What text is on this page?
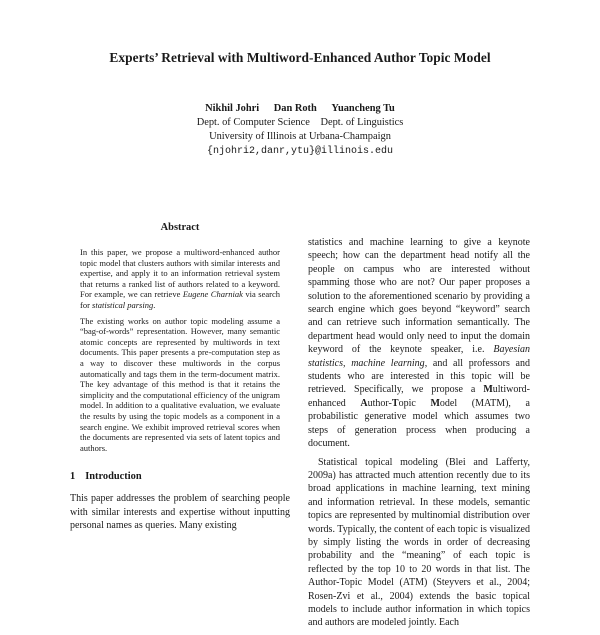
Experts’ Retrieval with Multiword-Enhanced Author Topic Model
Nikhil Johri Dan Roth Yuancheng Tu
Dept. of Computer Science Dept. of Linguistics
University of Illinois at Urbana-Champaign
{njohri2,danr,ytu}@illinois.edu
Abstract

In this paper, we propose a multiword-enhanced author topic model that clusters authors with similar interests and expertise, and apply it to an information retrieval system that returns a ranked list of authors related to a keyword. For example, we can retrieve Eugene Charniak via search for statistical parsing.

The existing works on author topic modeling assume a “bag-of-words” representation. However, many semantic atomic concepts are represented by multiwords in text documents. This paper presents a pre-computation step as a way to discover these multiwords in the corpus automatically and tags them in the term-document matrix. The key advantage of this method is that it retains the simplicity and the computational efficiency of the unigram model. In addition to a qualitative evaluation, we evaluate the results by using the topic models as a component in a search engine. We exhibit improved retrieval scores when the documents are represented via sets of latent topics and authors.

1 Introduction

This paper addresses the problem of searching people with similar interests and expertise without inputting personal names as queries. Many existing

statistics and machine learning to give a keynote speech; how can the department head notify all the people on campus who are interested without spamming those who are not? Our paper proposes a solution to the aforementioned scenario by providing a search engine which goes beyond “keyword” search and can retrieve such information semantically. The department head would only need to input the domain keyword of the keynote speaker, i.e. Bayesian statistics, machine learning, and all professors and students who are interested in this topic will be retrieved. Specifically, we propose a Multiword-enhanced Author-Topic Model (MATM), a probabilistic generative model which assumes two steps of generation process when producing a document.

Statistical topical modeling (Blei and Lafferty, 2009a) has attracted much attention recently due to its broad applications in machine learning, text mining and information retrieval. In these models, semantic topics are represented by multinomial distribution over words. Typically, the content of each topic is visualized by simply listing the words in order of decreasing probability and the “meaning” of each topic is reflected by the top 10 to 20 words in that list. The Author-Topic Model (ATM) (Steyvers et al., 2004; Rosen-Zvi et al., 2004) extends the basic topical models to include author information in which topics and authors are modeled jointly. Each
